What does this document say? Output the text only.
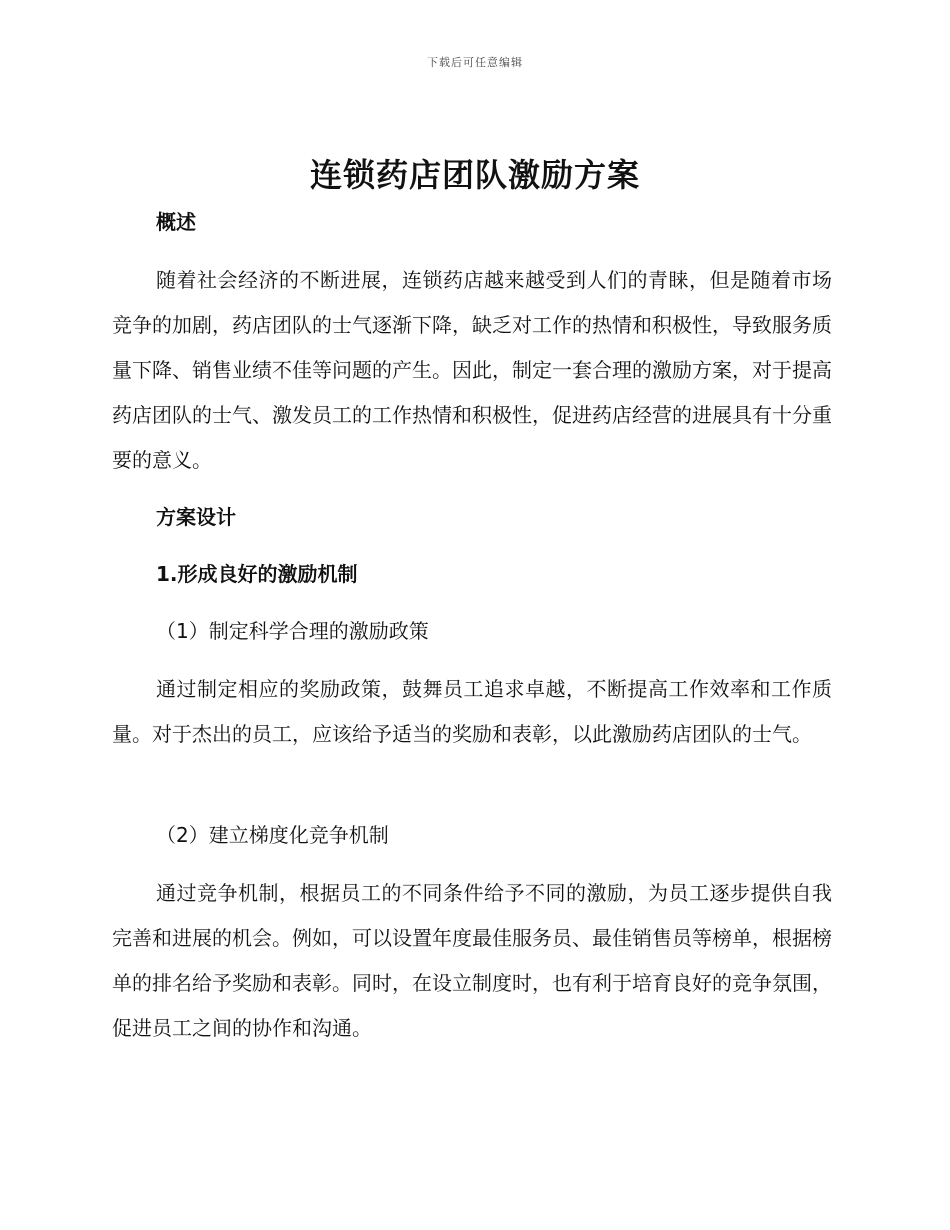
下载后可任意编辑
连锁药店团队激励方案
概述
随着社会经济的不断进展，连锁药店越来越受到人们的青睐，但是随着市场竞争的加剧，药店团队的士气逐渐下降，缺乏对工作的热情和积极性，导致服务质量下降、销售业绩不佳等问题的产生。因此，制定一套合理的激励方案，对于提高药店团队的士气、激发员工的工作热情和积极性，促进药店经营的进展具有十分重要的意义。
方案设计
1.形成良好的激励机制
（1）制定科学合理的激励政策
通过制定相应的奖励政策，鼓舞员工追求卓越，不断提高工作效率和工作质量。对于杰出的员工，应该给予适当的奖励和表彰，以此激励药店团队的士气。
（2）建立梯度化竞争机制
通过竞争机制，根据员工的不同条件给予不同的激励，为员工逐步提供自我完善和进展的机会。例如，可以设置年度最佳服务员、最佳销售员等榜单，根据榜单的排名给予奖励和表彰。同时，在设立制度时，也有利于培育良好的竞争氛围，促进员工之间的协作和沟通。
